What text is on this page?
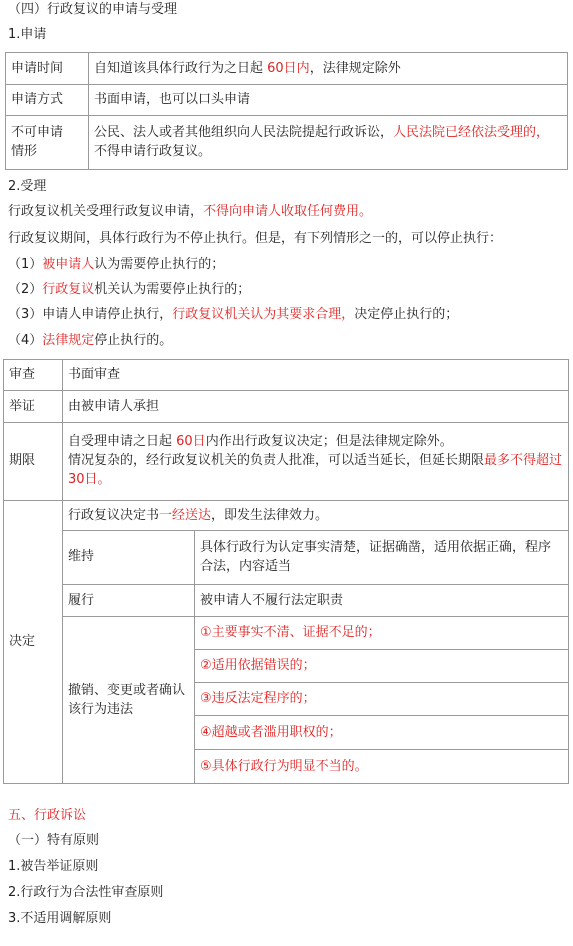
（四）行政复议的申请与受理
1.申请
申请时间	自知道该具体行政行为之日起 60日内，法律规定除外
申请方式	书面申请，也可以口头申请
不可申请
情形	公民、法人或者其他组织向人民法院提起行政诉讼，人民法院已经依法受理的，不得申请行政复议。
2.受理
行政复议机关受理行政复议申请，不得向申请人收取任何费用。
行政复议期间，具体行政行为不停止执行。但是，有下列情形之一的，可以停止执行：
（1）被申请人认为需要停止执行的；
（2）行政复议机关认为需要停止执行的；
（3）申请人申请停止执行，行政复议机关认为其要求合理，决定停止执行的；
（4）法律规定停止执行的。
审查	书面审查	
举证	由被申请人承担	
期限	自受理申请之日起 60日内作出行政复议决定；但是法律规定除外。
情况复杂的，经行政复议机关的负责人批准，可以适当延长，但延长期限最多不得超过 30日。	

决定	行政复议决定书一经送达，即发生法律效力。	
	维持	具体行政行为认定事实清楚，证据确凿，适用依据正确，程序合法，内容适当
	履行	被申请人不履行法定职责
	撤销、变更或者确认该行为违法	①主要事实不清、证据不足的；
		②适用依据错误的；
		③违反法定程序的；
		④超越或者滥用职权的；
		⑤具体行政行为明显不当的。
五、行政诉讼
（一）特有原则
1.被告举证原则
2.行政行为合法性审查原则
3.不适用调解原则
